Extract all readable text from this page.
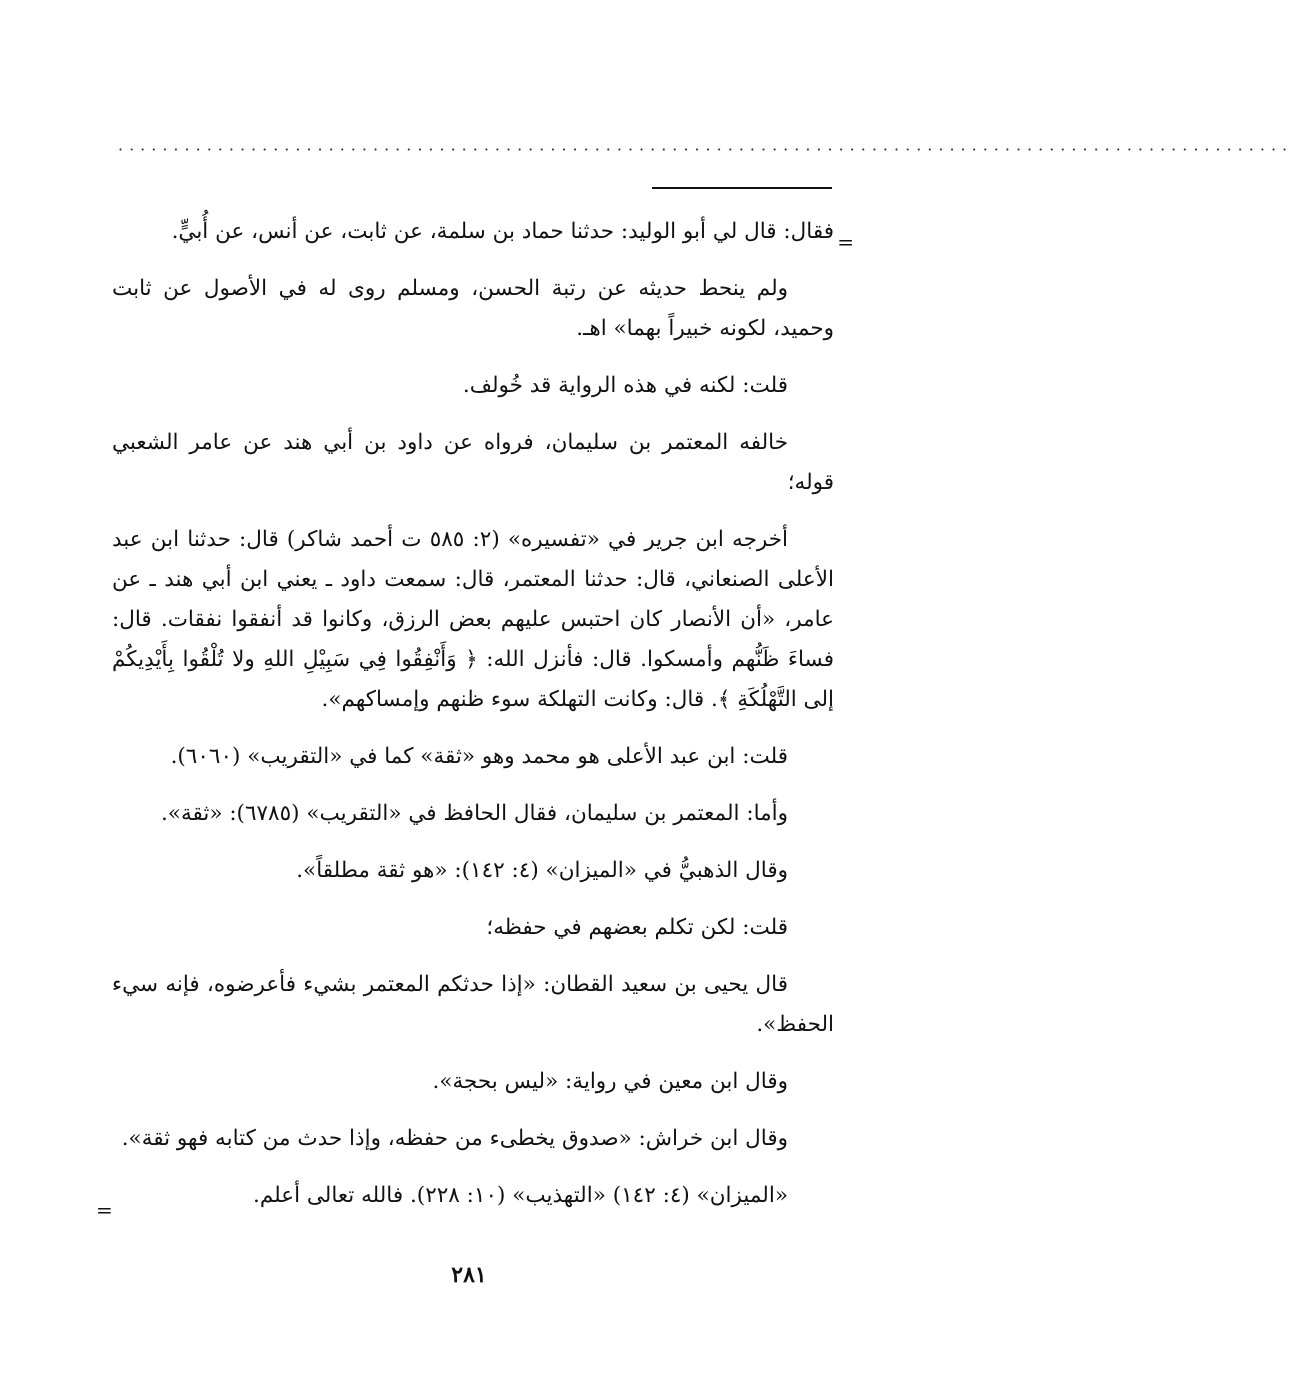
··········································································································
=

فقال: قال لي أبو الوليد: حدثنا حماد بن سلمة، عن ثابت، عن أنس، عن أُبيٍّ.

ولم ينحط حديثه عن رتبة الحسن، ومسلم روى له في الأصول عن ثابت وحميد، لكونه خبيراً بهما» اهـ.

قلت: لكنه في هذه الرواية قد خُولف.

خالفه المعتمر بن سليمان، فرواه عن داود بن أبي هند عن عامر الشعبي قوله؛

أخرجه ابن جرير في «تفسيره» (٢: ٥٨٥ ت أحمد شاكر) قال: حدثنا ابن عبد الأعلى الصنعاني، قال: حدثنا المعتمر، قال: سمعت داود ـ يعني ابن أبي هند ـ عن عامر، «أن الأنصار كان احتبس عليهم بعض الرزق، وكانوا قد أنفقوا نفقات. قال: فساءَ ظَنُّهم وأمسكوا. قال: فأنزل الله: ﴿ وَأَنْفِقُوا فِي سَبِيْلِ اللهِ ولا تُلْقُوا بِأَيْدِيكُمْ إلى التَّهْلُكَةِ ﴾. قال: وكانت التهلكة سوء ظنهم وإمساكهم».

قلت: ابن عبد الأعلى هو محمد وهو «ثقة» كما في «التقريب» (٦٠٦٠).

وأما: المعتمر بن سليمان، فقال الحافظ في «التقريب» (٦٧٨٥): «ثقة».

وقال الذهبيُّ في «الميزان» (٤: ١٤٢): «هو ثقة مطلقاً».

قلت: لكن تكلم بعضهم في حفظه؛

قال يحيى بن سعيد القطان: «إذا حدثكم المعتمر بشيء فأعرضوه، فإنه سيء الحفظ».

وقال ابن معين في رواية: «ليس بحجة».

وقال ابن خراش: «صدوق يخطىء من حفظه، وإذا حدث من كتابه فهو ثقة».

«الميزان» (٤: ١٤٢) «التهذيب» (١٠: ٢٢٨). فالله تعالى أعلم.

=
٢٨١
